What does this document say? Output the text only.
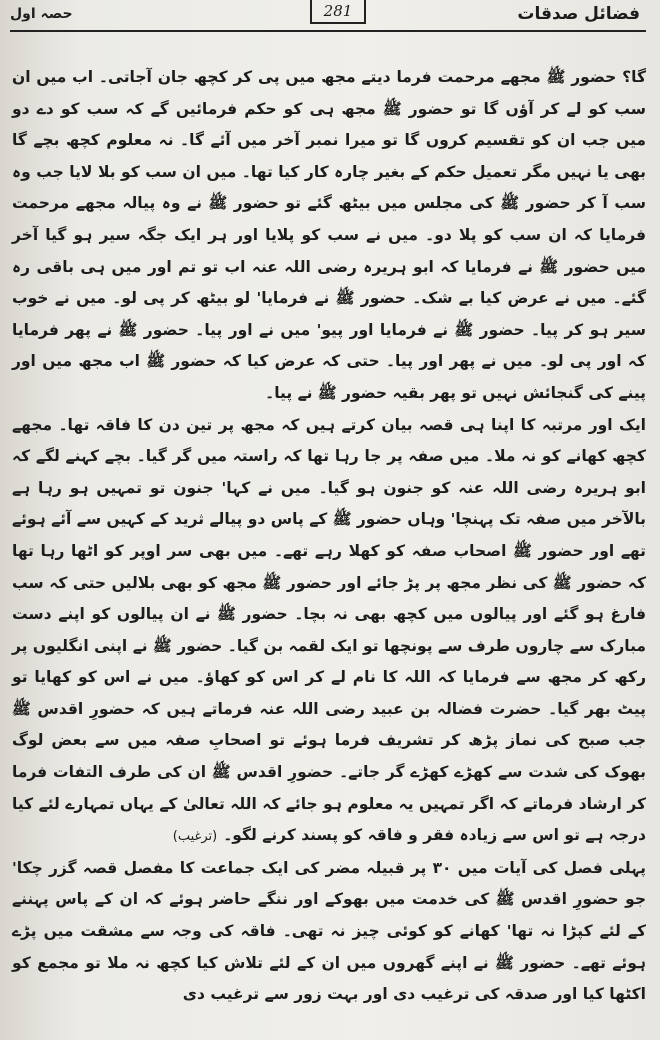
فضائل صدقات
281
حصہ اول

گا؟ حضور ﷺ مجھے مرحمت فرما دیتے مجھ میں پی کر کچھ جان آجاتی۔ اب میں ان سب کو لے کر آؤں گا تو حضور ﷺ مجھ ہی کو حکم فرمائیں گے کہ سب کو دے دو میں جب ان کو تقسیم کروں گا تو میرا نمبر آخر میں آئے گا۔ نہ معلوم کچھ بچے گا بھی یا نہیں مگر تعمیل حکم کے بغیر چارہ کار کیا تھا۔ میں ان سب کو بلا لایا جب وہ سب آ کر حضور ﷺ کی مجلس میں بیٹھ گئے تو حضور ﷺ نے وہ پیالہ مجھے مرحمت فرمایا کہ ان سب کو پلا دو۔ میں نے سب کو پلایا اور ہر ایک جگہ سیر ہو گیا آخر میں حضور ﷺ نے فرمایا کہ ابو ہریرہ رضی اللہ عنہ اب تو تم اور میں ہی باقی رہ گئے۔ میں نے عرض کیا بے شک۔ حضور ﷺ نے فرمایا' لو بیٹھ کر پی لو۔ میں نے خوب سیر ہو کر پیا۔ حضور ﷺ نے فرمایا اور پیو' میں نے اور پیا۔ حضور ﷺ نے پھر فرمایا کہ اور پی لو۔ میں نے پھر اور پیا۔ حتی کہ عرض کیا کہ حضور ﷺ اب مجھ میں اور پینے کی گنجائش نہیں تو پھر بقیہ حضور ﷺ نے پیا۔

ایک اور مرتبہ کا اپنا ہی قصہ بیان کرتے ہیں کہ مجھ پر تین دن کا فاقہ تھا۔ مجھے کچھ کھانے کو نہ ملا۔ میں صفہ پر جا رہا تھا کہ راستہ میں گر گیا۔ بچے کہنے لگے کہ ابو ہریرہ رضی اللہ عنہ کو جنون ہو گیا۔ میں نے کہا' جنون تو تمہیں ہو رہا ہے بالآخر میں صفہ تک پہنچا' وہاں حضور ﷺ کے پاس دو پیالے ثرید کے کہیں سے آئے ہوئے تھے اور حضور ﷺ اصحاب صفہ کو کھلا رہے تھے۔ میں بھی سر اوپر کو اٹھا رہا تھا کہ حضور ﷺ کی نظر مجھ پر پڑ جائے اور حضور ﷺ مجھ کو بھی بلالیں حتی کہ سب فارغ ہو گئے اور پیالوں میں کچھ بھی نہ بچا۔ حضور ﷺ نے ان پیالوں کو اپنے دست مبارک سے چاروں طرف سے پونچھا تو ایک لقمہ بن گیا۔ حضور ﷺ نے اپنی انگلیوں پر رکھ کر مجھ سے فرمایا کہ اللہ کا نام لے کر اس کو کھاؤ۔ میں نے اس کو کھایا تو پیٹ بھر گیا۔ حضرت فضالہ بن عبید رضی اللہ عنہ فرماتے ہیں کہ حضورِ اقدس ﷺ جب صبح کی نماز پڑھ کر تشریف فرما ہوئے تو اصحابِ صفہ میں سے بعض لوگ بھوک کی شدت سے کھڑے کھڑے گر جاتے۔ حضورِ اقدس ﷺ ان کی طرف التفات فرما کر ارشاد فرماتے کہ اگر تمہیں یہ معلوم ہو جائے کہ اللہ تعالیٰ کے یہاں تمہارے لئے کیا درجہ ہے تو اس سے زیادہ فقر و فاقہ کو پسند کرنے لگو۔(ترغیب)

پہلی فصل کی آیات میں ۳۰ پر قبیلہ مضر کی ایک جماعت کا مفصل قصہ گزر چکا' جو حضورِ اقدس ﷺ کی خدمت میں بھوکے اور ننگے حاضر ہوئے کہ ان کے پاس پہننے کے لئے کپڑا نہ تھا' کھانے کو کوئی چیز نہ تھی۔ فاقہ کی وجہ سے مشقت میں پڑے ہوئے تھے۔ حضور ﷺ نے اپنے گھروں میں ان کے لئے تلاش کیا کچھ نہ ملا تو مجمع کو اکٹھا کیا اور صدقہ کی ترغیب دی اور بہت زور سے ترغیب دی
